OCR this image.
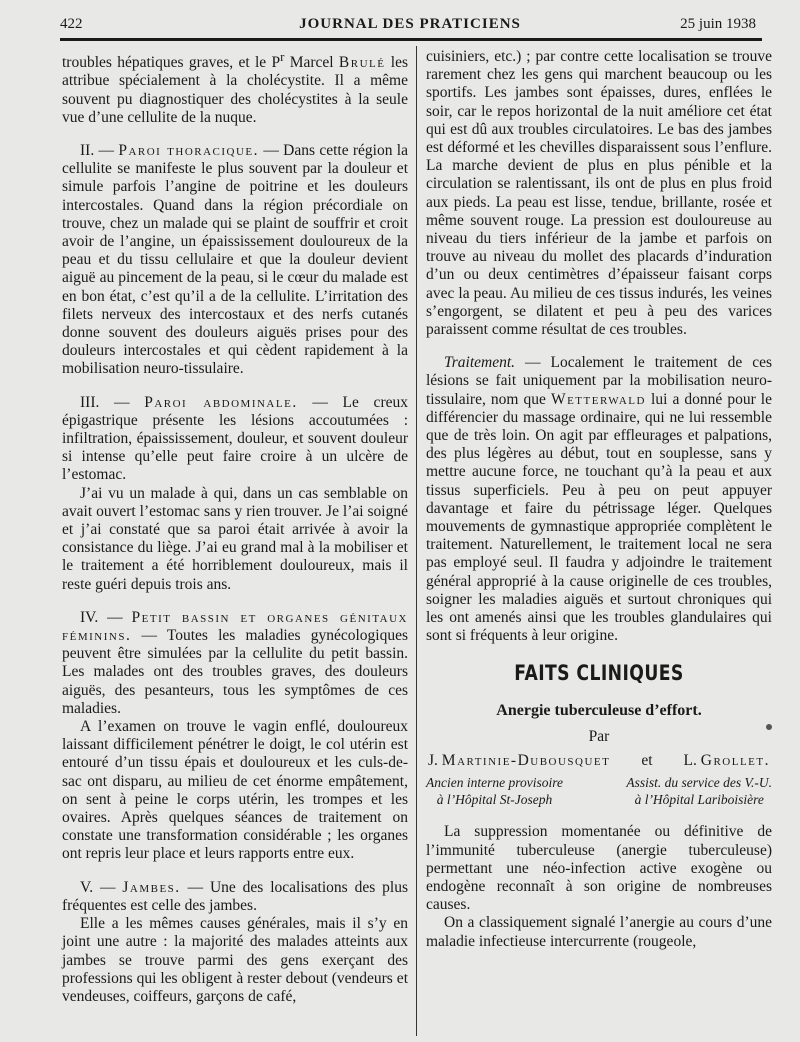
422	JOURNAL DES PRATICIENS	25 juin 1938

troubles hépatiques graves, et le $P^r$ Marcel Brulé les attribue spécialement à la cholécystite. Il a même souvent pu diagnostiquer des cholécystites à la seule vue d’une cellulite de la nuque.

II. — Paroi thoracique. — Dans cette région la cellulite se manifeste le plus souvent par la douleur et simule parfois l’angine de poitrine et les douleurs intercostales. Quand dans la région précordiale on trouve, chez un malade qui se plaint de souffrir et croit avoir de l’angine, un épaississement douloureux de la peau et du tissu cellulaire et que la douleur devient aiguë au pincement de la peau, si le cœur du malade est en bon état, c’est qu’il a de la cellulite. L’irritation des filets nerveux des intercostaux et des nerfs cutanés donne souvent des douleurs aiguës prises pour des douleurs intercostales et qui cèdent rapidement à la mobilisation neuro-tissulaire.

III. — Paroi abdominale. — Le creux épigastrique présente les lésions accoutumées : infiltration, épaississement, douleur, et souvent douleur si intense qu’elle peut faire croire à un ulcère de l’estomac.

J’ai vu un malade à qui, dans un cas semblable on avait ouvert l’estomac sans y rien trouver. Je l’ai soigné et j’ai constaté que sa paroi était arrivée à avoir la consistance du liège. J’ai eu grand mal à la mobiliser et le traitement a été horriblement douloureux, mais il reste guéri depuis trois ans.

IV. — Petit bassin et organes génitaux féminins. — Toutes les maladies gynécologiques peuvent être simulées par la cellulite du petit bassin. Les malades ont des troubles graves, des douleurs aiguës, des pesanteurs, tous les symptômes de ces maladies.

A l’examen on trouve le vagin enflé, douloureux laissant difficilement pénétrer le doigt, le col utérin est entouré d’un tissu épais et douloureux et les culs-de-sac ont disparu, au milieu de cet énorme empâtement, on sent à peine le corps utérin, les trompes et les ovaires. Après quelques séances de traitement on constate une transformation considérable ; les organes ont repris leur place et leurs rapports entre eux.

V. — Jambes. — Une des localisations des plus fréquentes est celle des jambes.

Elle a les mêmes causes générales, mais il s’y en joint une autre : la majorité des malades atteints aux jambes se trouve parmi des gens exerçant des professions qui les obligent à rester debout (vendeurs et vendeuses, coiffeurs, garçons de café,

cuisiniers, etc.) ; par contre cette localisation se trouve rarement chez les gens qui marchent beaucoup ou les sportifs. Les jambes sont épaisses, dures, enflées le soir, car le repos horizontal de la nuit améliore cet état qui est dû aux troubles circulatoires. Le bas des jambes est déformé et les chevilles disparaissent sous l’enflure. La marche devient de plus en plus pénible et la circulation se ralentissant, ils ont de plus en plus froid aux pieds. La peau est lisse, tendue, brillante, rosée et même souvent rouge. La pression est douloureuse au niveau du tiers inférieur de la jambe et parfois on trouve au niveau du mollet des placards d’induration d’un ou deux centimètres d’épaisseur faisant corps avec la peau. Au milieu de ces tissus indurés, les veines s’engorgent, se dilatent et peu à peu des varices paraissent comme résultat de ces troubles.

Traitement. — Localement le traitement de ces lésions se fait uniquement par la mobilisation neuro-tissulaire, nom que Wetterwald lui a donné pour le différencier du massage ordinaire, qui ne lui ressemble que de très loin. On agit par effleurages et palpations, des plus légères au début, tout en souplesse, sans y mettre aucune force, ne touchant qu’à la peau et aux tissus superficiels. Peu à peu on peut appuyer davantage et faire du pétrissage léger. Quelques mouvements de gymnastique appropriée complètent le traitement. Naturellement, le traitement local ne sera pas employé seul. Il faudra y adjoindre le traitement général approprié à la cause originelle de ces troubles, soigner les maladies aiguës et surtout chroniques qui les ont amenés ainsi que les troubles glandulaires qui sont si fréquents à leur origine.

FAITS CLINIQUES
Anergie tuberculeuse d’effort.
Par
J. Martinie-Dubousquet et L. Grollet.
Ancien interne provisoire
à l’Hôpital St-Joseph
Assist. du service des V.-U.
à l’Hôpital Lariboisière

La suppression momentanée ou définitive de l’immunité tuberculeuse (anergie tuberculeuse) permettant une néo-infection active exogène ou endogène reconnaît à son origine de nombreuses causes.

On a classiquement signalé l’anergie au cours d’une maladie infectieuse intercurrente (rougeole,
